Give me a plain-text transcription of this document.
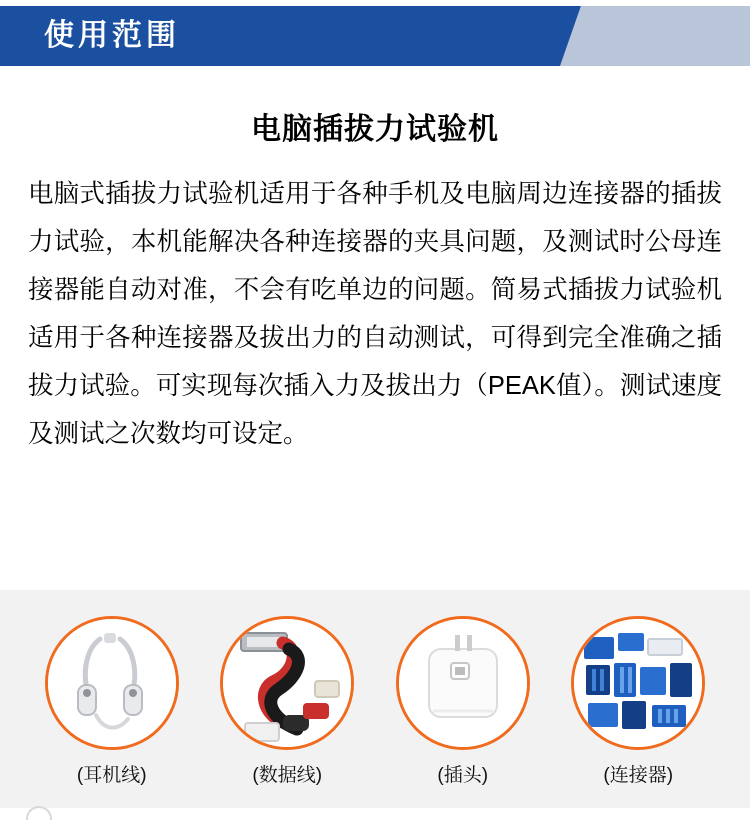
使用范围
电脑插拔力试验机
电脑式插拔力试验机适用于各种手机及电脑周边连接器的插拔力试验，本机能解决各种连接器的夹具问题，及测试时公母连接器能自动对准，不会有吃单边的问题。简易式插拔力试验机适用于各种连接器及拔出力的自动测试，可得到完全准确之插拔力试验。可实现每次插入力及拔出力（PEAK值）。测试速度及测试之次数均可设定。
(耳机线)	(数据线)	(插头)	(连接器)
